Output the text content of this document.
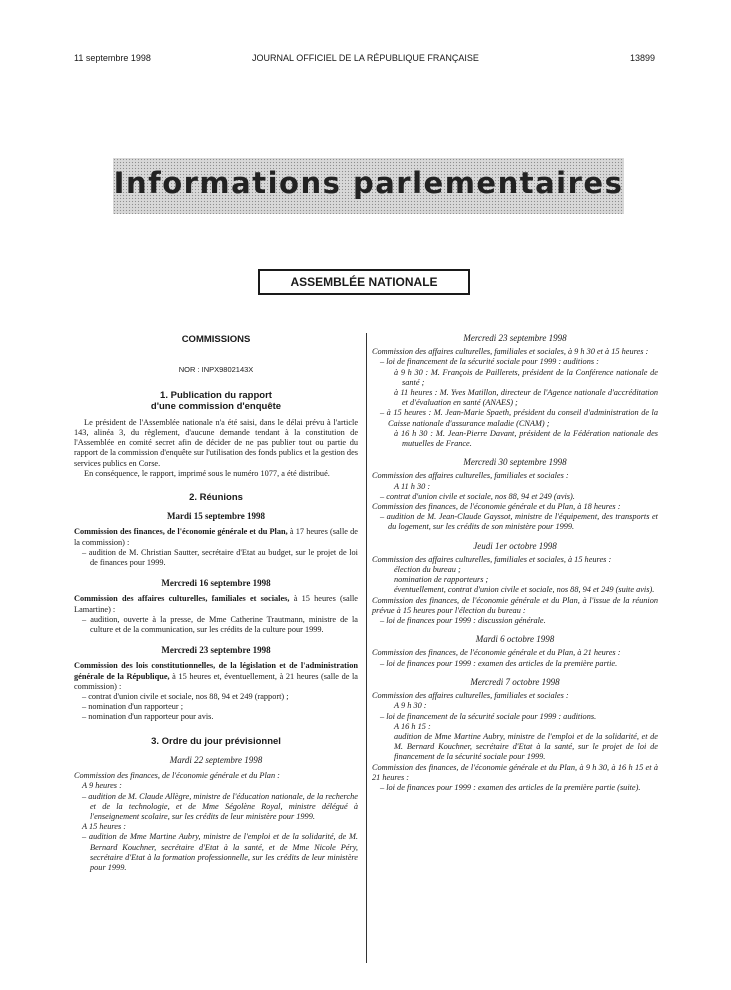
11 septembre 1998	JOURNAL OFFICIEL DE LA RÉPUBLIQUE FRANÇAISE	13899
Informations parlementaires
ASSEMBLÉE NATIONALE

COMMISSIONS

NOR : INPX9802143X

1. Publication du rapport

d'une commission d'enquête

Le président de l'Assemblée nationale n'a été saisi, dans le délai prévu à l'article 143, alinéa 3, du règlement, d'aucune demande tendant à la constitution de l'Assemblée en comité secret afin de décider de ne pas publier tout ou partie du rapport de la commission d'enquête sur l'utilisation des fonds publics et la gestion des services publics en Corse.

En conséquence, le rapport, imprimé sous le numéro 1077, a été distribué.

2. Réunions

Mardi 15 septembre 1998

Commission des finances, de l'économie générale et du Plan, à 17 heures (salle de la commission) :

– audition de M. Christian Sautter, secrétaire d'Etat au budget, sur le projet de loi de finances pour 1999.

Mercredi 16 septembre 1998

Commission des affaires culturelles, familiales et sociales, à 15 heures (salle Lamartine) :

– audition, ouverte à la presse, de Mme Catherine Trautmann, ministre de la culture et de la communication, sur les crédits de la culture pour 1999.

Mercredi 23 septembre 1998

Commission des lois constitutionnelles, de la législation et de l'administration générale de la République, à 15 heures et, éventuellement, à 21 heures (salle de la commission) :

– contrat d'union civile et sociale, nos 88, 94 et 249 (rapport) ;

– nomination d'un rapporteur ;

– nomination d'un rapporteur pour avis.

3. Ordre du jour prévisionnel

Mardi 22 septembre 1998

Commission des finances, de l'économie générale et du Plan :

A 9 heures :

– audition de M. Claude Allègre, ministre de l'éducation nationale, de la recherche et de la technologie, et de Mme Ségolène Royal, ministre délégué à l'enseignement scolaire, sur les crédits de leur ministère pour 1999.

A 15 heures :

– audition de Mme Martine Aubry, ministre de l'emploi et de la solidarité, de M. Bernard Kouchner, secrétaire d'Etat à la santé, et de Mme Nicole Péry, secrétaire d'Etat à la formation professionnelle, sur les crédits de leur ministère pour 1999.

Mercredi 23 septembre 1998

Commission des affaires culturelles, familiales et sociales, à 9 h 30 et à 15 heures :

– loi de financement de la sécurité sociale pour 1999 : auditions :

à 9 h 30 : M. François de Paillerets, président de la Conférence nationale de santé ;

à 11 heures : M. Yves Matillon, directeur de l'Agence nationale d'accréditation et d'évaluation en santé (ANAES) ;

– à 15 heures : M. Jean-Marie Spaeth, président du conseil d'administration de la Caisse nationale d'assurance maladie (CNAM) ;

à 16 h 30 : M. Jean-Pierre Davant, président de la Fédération nationale des mutuelles de France.

Mercredi 30 septembre 1998

Commission des affaires culturelles, familiales et sociales :

A 11 h 30 :

– contrat d'union civile et sociale, nos 88, 94 et 249 (avis).

Commission des finances, de l'économie générale et du Plan, à 18 heures :

– audition de M. Jean-Claude Gayssot, ministre de l'équipement, des transports et du logement, sur les crédits de son ministère pour 1999.

Jeudi 1er octobre 1998

Commission des affaires culturelles, familiales et sociales, à 15 heures :

élection du bureau ;

nomination de rapporteurs ;

éventuellement, contrat d'union civile et sociale, nos 88, 94 et 249 (suite avis).

Commission des finances, de l'économie générale et du Plan, à l'issue de la réunion prévue à 15 heures pour l'élection du bureau :

– loi de finances pour 1999 : discussion générale.

Mardi 6 octobre 1998

Commission des finances, de l'économie générale et du Plan, à 21 heures :

– loi de finances pour 1999 : examen des articles de la première partie.

Mercredi 7 octobre 1998

Commission des affaires culturelles, familiales et sociales :

A 9 h 30 :

– loi de financement de la sécurité sociale pour 1999 : auditions.

A 16 h 15 :

audition de Mme Martine Aubry, ministre de l'emploi et de la solidarité, et de M. Bernard Kouchner, secrétaire d'Etat à la santé, sur le projet de loi de financement de la sécurité sociale pour 1999.

Commission des finances, de l'économie générale et du Plan, à 9 h 30, à 16 h 15 et à 21 heures :

– loi de finances pour 1999 : examen des articles de la première partie (suite).
